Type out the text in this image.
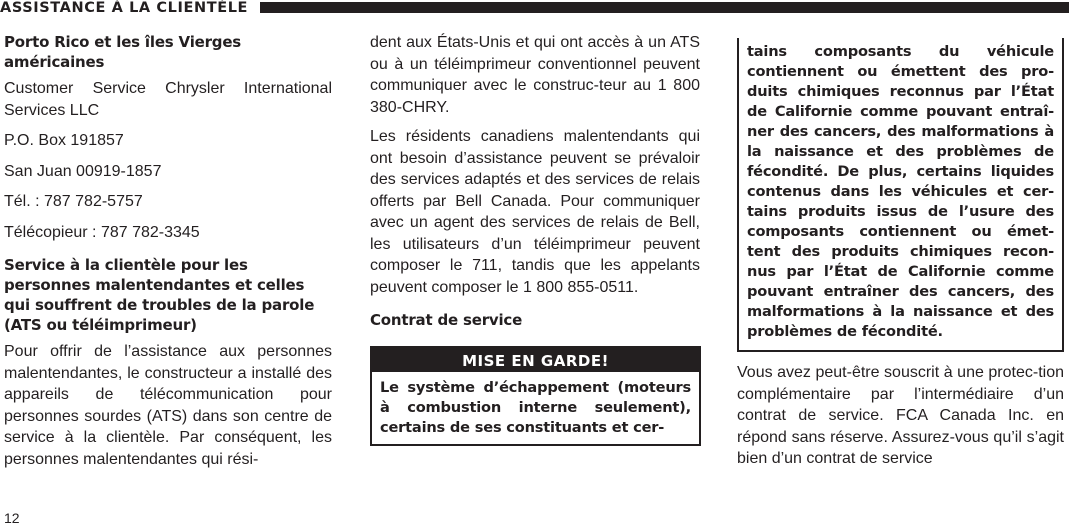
ASSISTANCE À LA CLIENTÈLE
Porto Rico et les îles Vierges américaines
Customer Service Chrysler International Services LLC
P.O. Box 191857
San Juan 00919-1857
Tél. : 787 782-5757
Télécopieur : 787 782-3345
Service à la clientèle pour les personnes malentendantes et celles qui souffrent de troubles de la parole (ATS ou téléimprimeur)
Pour offrir de l’assistance aux personnes malentendantes, le constructeur a installé des appareils de télécommunication pour personnes sourdes (ATS) dans son centre de service à la clientèle. Par conséquent, les personnes malentendantes qui rési-
dent aux États-Unis et qui ont accès à un ATS ou à un téléimprimeur conventionnel peuvent communiquer avec le construc-teur au 1 800 380-CHRY.
Les résidents canadiens malentendants qui ont besoin d’assistance peuvent se prévaloir des services adaptés et des services de relais offerts par Bell Canada. Pour communiquer avec un agent des services de relais de Bell, les utilisateurs d’un téléimprimeur peuvent composer le 711, tandis que les appelants peuvent composer le 1 800 855-0511.
Contrat de service
MISE EN GARDE!
Le système d’échappement (moteurs à combustion interne seulement), certains de ses constituants et cer-
tains composants du véhicule contiennent ou émettent des pro-duits chimiques reconnus par l’État de Californie comme pouvant entraî-ner des cancers, des malformations à la naissance et des problèmes de fécondité. De plus, certains liquides contenus dans les véhicules et cer-tains produits issus de l’usure des composants contiennent ou émet-tent des produits chimiques recon-nus par l’État de Californie comme pouvant entraîner des cancers, des malformations à la naissance et des problèmes de fécondité.
Vous avez peut-être souscrit à une protec-tion complémentaire par l’intermédiaire d’un contrat de service. FCA Canada Inc. en répond sans réserve. Assurez-vous qu’il s’agit bien d’un contrat de service
12
